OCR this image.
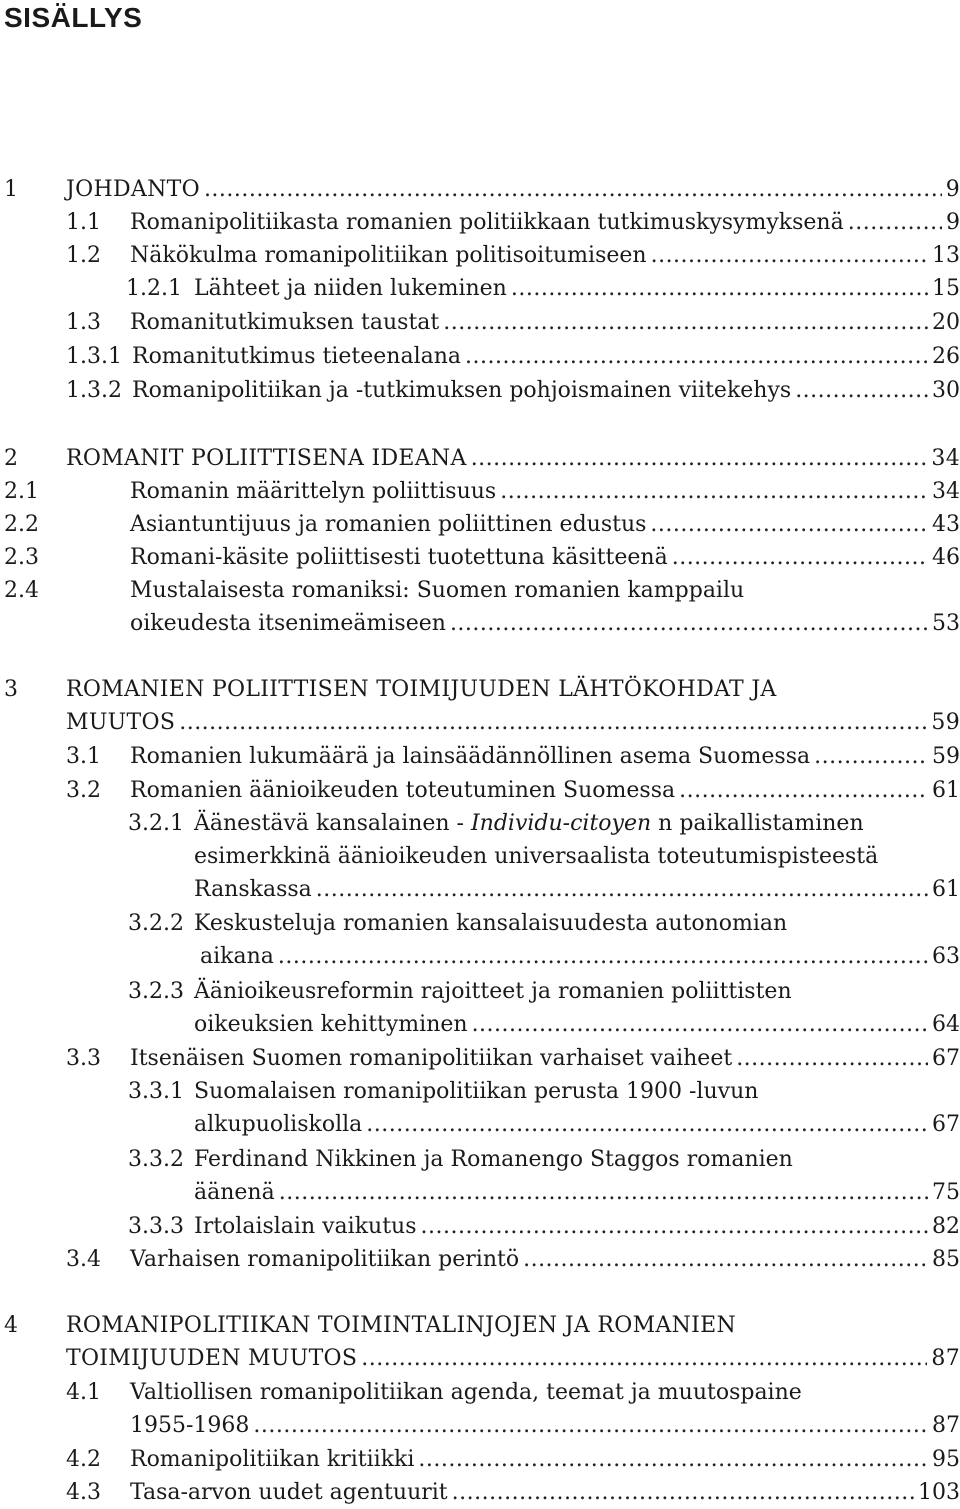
SISÄLLYS
1 JOHDANTO .....	9
1.1 Romanipolitiikasta romanien politiikkaan tutkimuskysymyksenä .....	9
1.2 Näkökulma romanipolitiikan politisoitumiseen .....	13
1.2.1 Lähteet ja niiden lukeminen .....	15
1.3 Romanitutkimuksen taustat .....	20
1.3.1 Romanitutkimus tieteenalana .....	26
1.3.2 Romanipolitiikan ja -tutkimuksen pohjoismainen viitekehys .....	30
2 ROMANIT POLIITTISENA IDEANA .....	34
2.1	Romanin määrittelyn poliittisuus .....	34
2.2	Asiantuntijuus ja romanien poliittinen edustus .....	43
2.3	Romani-käsite poliittisesti tuotettuna käsitteenä .....	46
2.4	Mustalaisesta romaniksi: Suomen romanien kamppailu
oikeudesta itsenimeämiseen .....	53
3 ROMANIEN POLIITTISEN TOIMIJUUDEN LÄHTÖKOHDAT JA
MUUTOS .....	59
3.1 Romanien lukumäärä ja lainsäädännöllinen asema Suomessa .....	59
3.2 Romanien äänioikeuden toteutuminen Suomessa .....	61
3.2.1 Äänestävä kansalainen - Individu-citoyen n paikallistaminen
esimerkkinä äänioikeuden universaalista toteutumispisteestä
Ranskassa .....	61
3.2.2 Keskusteluja romanien kansalaisuudesta autonomian
aikana .....	63
3.2.3 Äänioikeusreformin rajoitteet ja romanien poliittisten
oikeuksien kehittyminen .....	64
3.3 Itsenäisen Suomen romanipolitiikan varhaiset vaiheet .....	67
3.3.1 Suomalaisen romanipolitiikan perusta 1900 -luvun
alkupuoliskolla .....	67
3.3.2 Ferdinand Nikkinen ja Romanengo Staggos romanien
äänenä .....	75
3.3.3 Irtolaislain vaikutus .....	82
3.4 Varhaisen romanipolitiikan perintö .....	85
4 ROMANIPOLITIIKAN TOIMINTALINJOJEN JA ROMANIEN
TOIMIJUUDEN MUUTOS .....	87
4.1 Valtiollisen romanipolitiikan agenda, teemat ja muutospaine
1955-1968 .....	87
4.2 Romanipolitiikan kritiikki .....	95
4.3 Tasa-arvon uudet agentuurit .....	103
